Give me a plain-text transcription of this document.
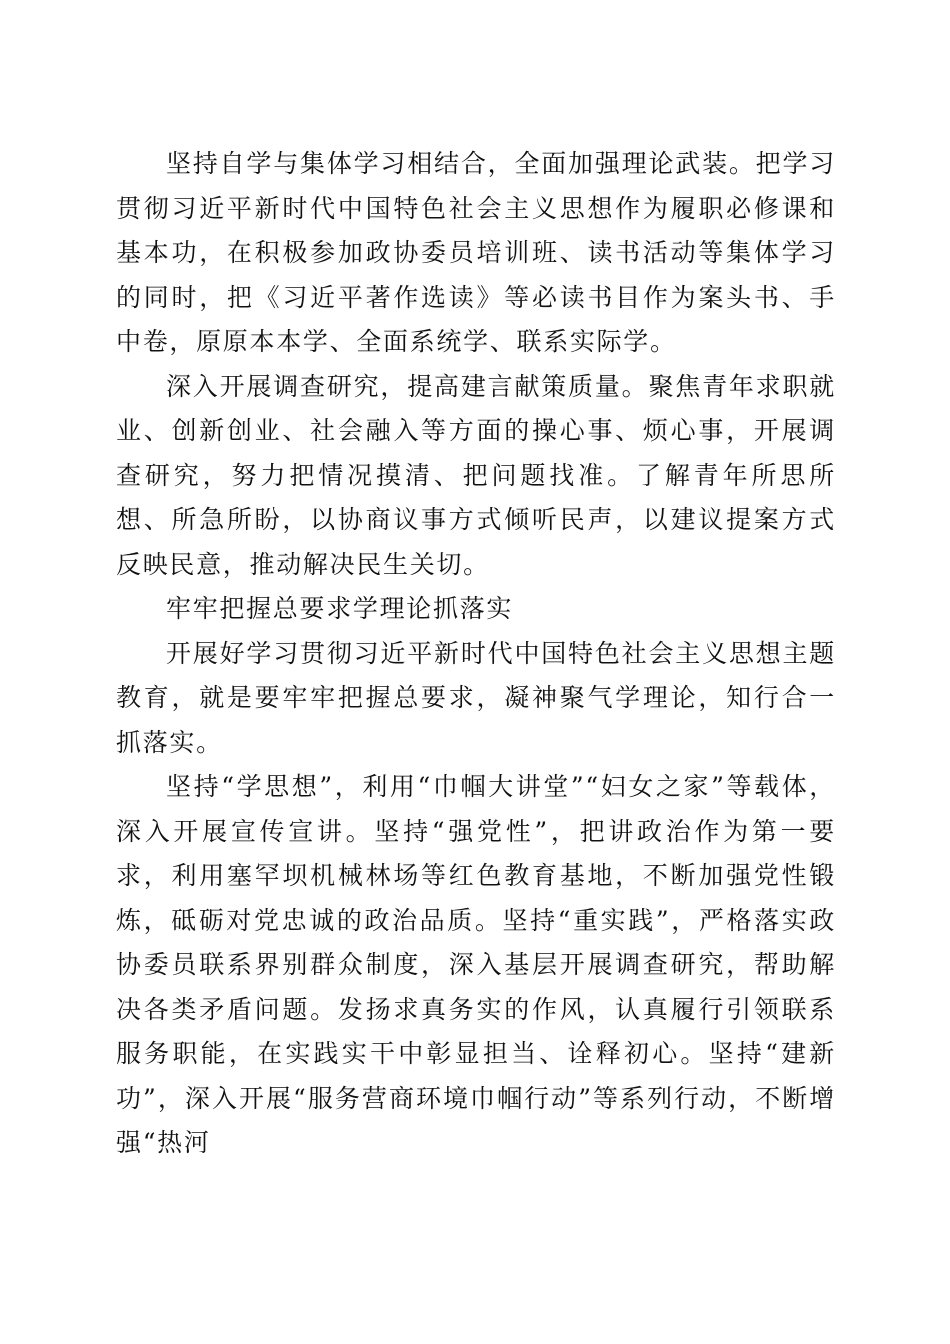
坚持自学与集体学习相结合，全面加强理论武装。把学习贯彻习近平新时代中国特色社会主义思想作为履职必修课和基本功，在积极参加政协委员培训班、读书活动等集体学习的同时，把《习近平著作选读》等必读书目作为案头书、手中卷，原原本本学、全面系统学、联系实际学。

深入开展调查研究，提高建言献策质量。聚焦青年求职就业、创新创业、社会融入等方面的操心事、烦心事，开展调查研究，努力把情况摸清、把问题找准。了解青年所思所想、所急所盼，以协商议事方式倾听民声，以建议提案方式反映民意，推动解决民生关切。

牢牢把握总要求学理论抓落实

开展好学习贯彻习近平新时代中国特色社会主义思想主题教育，就是要牢牢把握总要求，凝神聚气学理论，知行合一抓落实。

坚持“学思想”，利用“巾帼大讲堂”“妇女之家”等载体，深入开展宣传宣讲。坚持“强党性”，把讲政治作为第一要求，利用塞罕坝机械林场等红色教育基地，不断加强党性锻炼，砥砺对党忠诚的政治品质。坚持“重实践”，严格落实政协委员联系界别群众制度，深入基层开展调查研究，帮助解决各类矛盾问题。发扬求真务实的作风，认真履行引领联系服务职能，在实践实干中彰显担当、诠释初心。坚持“建新功”，深入开展“服务营商环境巾帼行动”等系列行动，不断增强“热河
